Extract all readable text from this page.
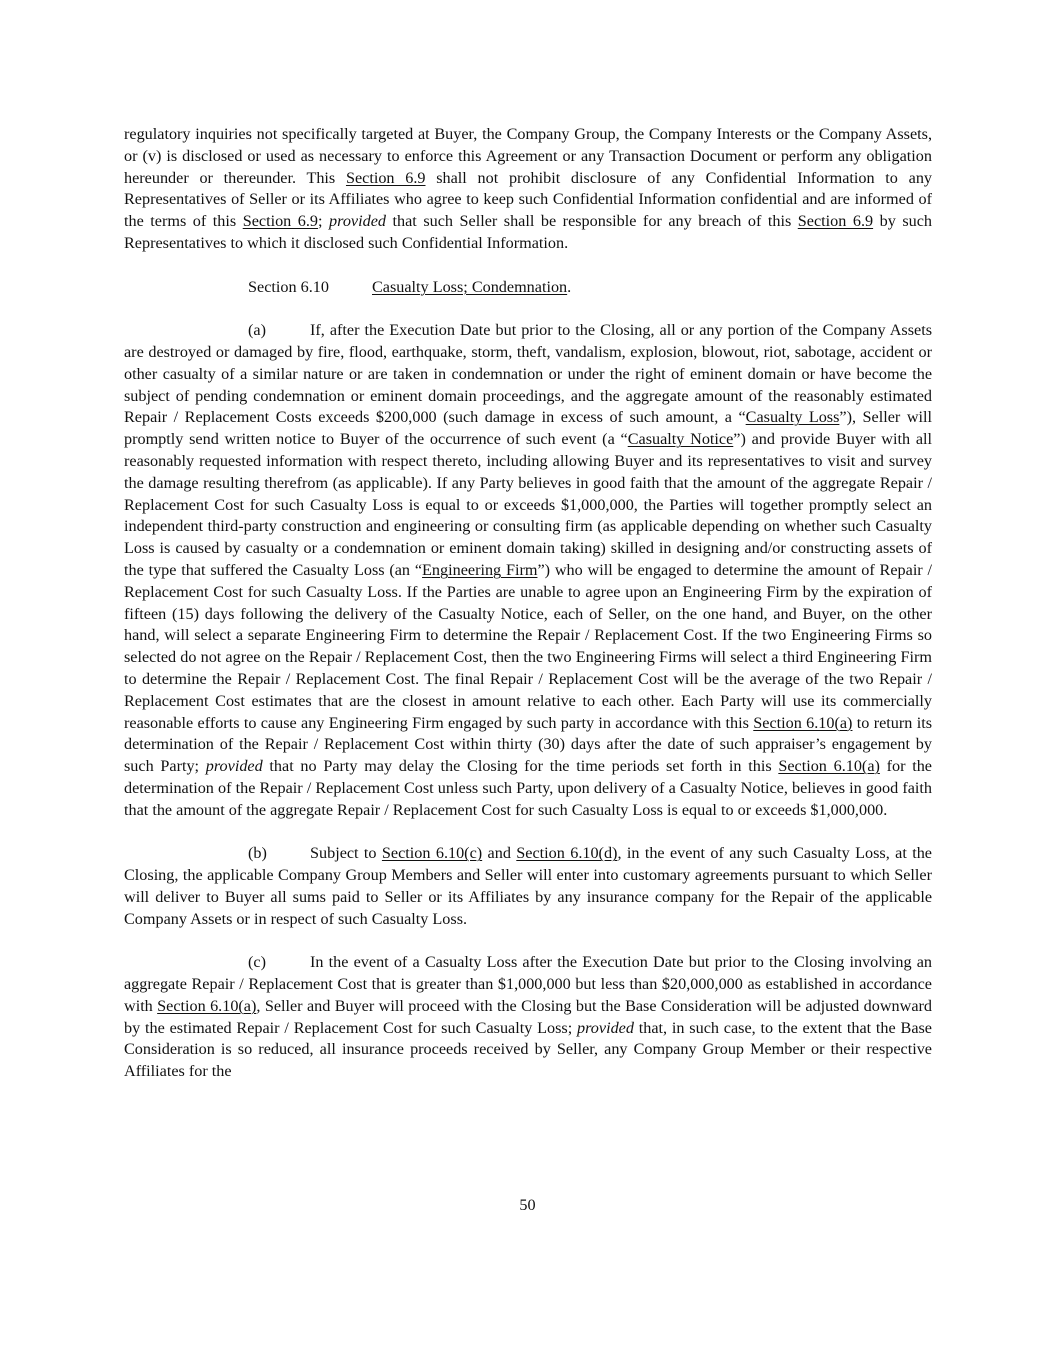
regulatory inquiries not specifically targeted at Buyer, the Company Group, the Company Interests or the Company Assets, or (v) is disclosed or used as necessary to enforce this Agreement or any Transaction Document or perform any obligation hereunder or thereunder. This Section 6.9 shall not prohibit disclosure of any Confidential Information to any Representatives of Seller or its Affiliates who agree to keep such Confidential Information confidential and are informed of the terms of this Section 6.9; provided that such Seller shall be responsible for any breach of this Section 6.9 by such Representatives to which it disclosed such Confidential Information.

Section 6.10	Casualty Loss; Condemnation.

(a)	If, after the Execution Date but prior to the Closing, all or any portion of the Company Assets are destroyed or damaged by fire, flood, earthquake, storm, theft, vandalism, explosion, blowout, riot, sabotage, accident or other casualty of a similar nature or are taken in condemnation or under the right of eminent domain or have become the subject of pending condemnation or eminent domain proceedings, and the aggregate amount of the reasonably estimated Repair / Replacement Costs exceeds $200,000 (such damage in excess of such amount, a “Casualty Loss”), Seller will promptly send written notice to Buyer of the occurrence of such event (a “Casualty Notice”) and provide Buyer with all reasonably requested information with respect thereto, including allowing Buyer and its representatives to visit and survey the damage resulting therefrom (as applicable). If any Party believes in good faith that the amount of the aggregate Repair / Replacement Cost for such Casualty Loss is equal to or exceeds $1,000,000, the Parties will together promptly select an independent third-party construction and engineering or consulting firm (as applicable depending on whether such Casualty Loss is caused by casualty or a condemnation or eminent domain taking) skilled in designing and/or constructing assets of the type that suffered the Casualty Loss (an “Engineering Firm”) who will be engaged to determine the amount of Repair / Replacement Cost for such Casualty Loss. If the Parties are unable to agree upon an Engineering Firm by the expiration of fifteen (15) days following the delivery of the Casualty Notice, each of Seller, on the one hand, and Buyer, on the other hand, will select a separate Engineering Firm to determine the Repair / Replacement Cost. If the two Engineering Firms so selected do not agree on the Repair / Replacement Cost, then the two Engineering Firms will select a third Engineering Firm to determine the Repair / Replacement Cost. The final Repair / Replacement Cost will be the average of the two Repair / Replacement Cost estimates that are the closest in amount relative to each other. Each Party will use its commercially reasonable efforts to cause any Engineering Firm engaged by such party in accordance with this Section 6.10(a) to return its determination of the Repair / Replacement Cost within thirty (30) days after the date of such appraiser’s engagement by such Party; provided that no Party may delay the Closing for the time periods set forth in this Section 6.10(a) for the determination of the Repair / Replacement Cost unless such Party, upon delivery of a Casualty Notice, believes in good faith that the amount of the aggregate Repair / Replacement Cost for such Casualty Loss is equal to or exceeds $1,000,000.

(b)	Subject to Section 6.10(c) and Section 6.10(d), in the event of any such Casualty Loss, at the Closing, the applicable Company Group Members and Seller will enter into customary agreements pursuant to which Seller will deliver to Buyer all sums paid to Seller or its Affiliates by any insurance company for the Repair of the applicable Company Assets or in respect of such Casualty Loss.

(c)	In the event of a Casualty Loss after the Execution Date but prior to the Closing involving an aggregate Repair / Replacement Cost that is greater than $1,000,000 but less than $20,000,000 as established in accordance with Section 6.10(a), Seller and Buyer will proceed with the Closing but the Base Consideration will be adjusted downward by the estimated Repair / Replacement Cost for such Casualty Loss; provided that, in such case, to the extent that the Base Consideration is so reduced, all insurance proceeds received by Seller, any Company Group Member or their respective Affiliates for the

50
